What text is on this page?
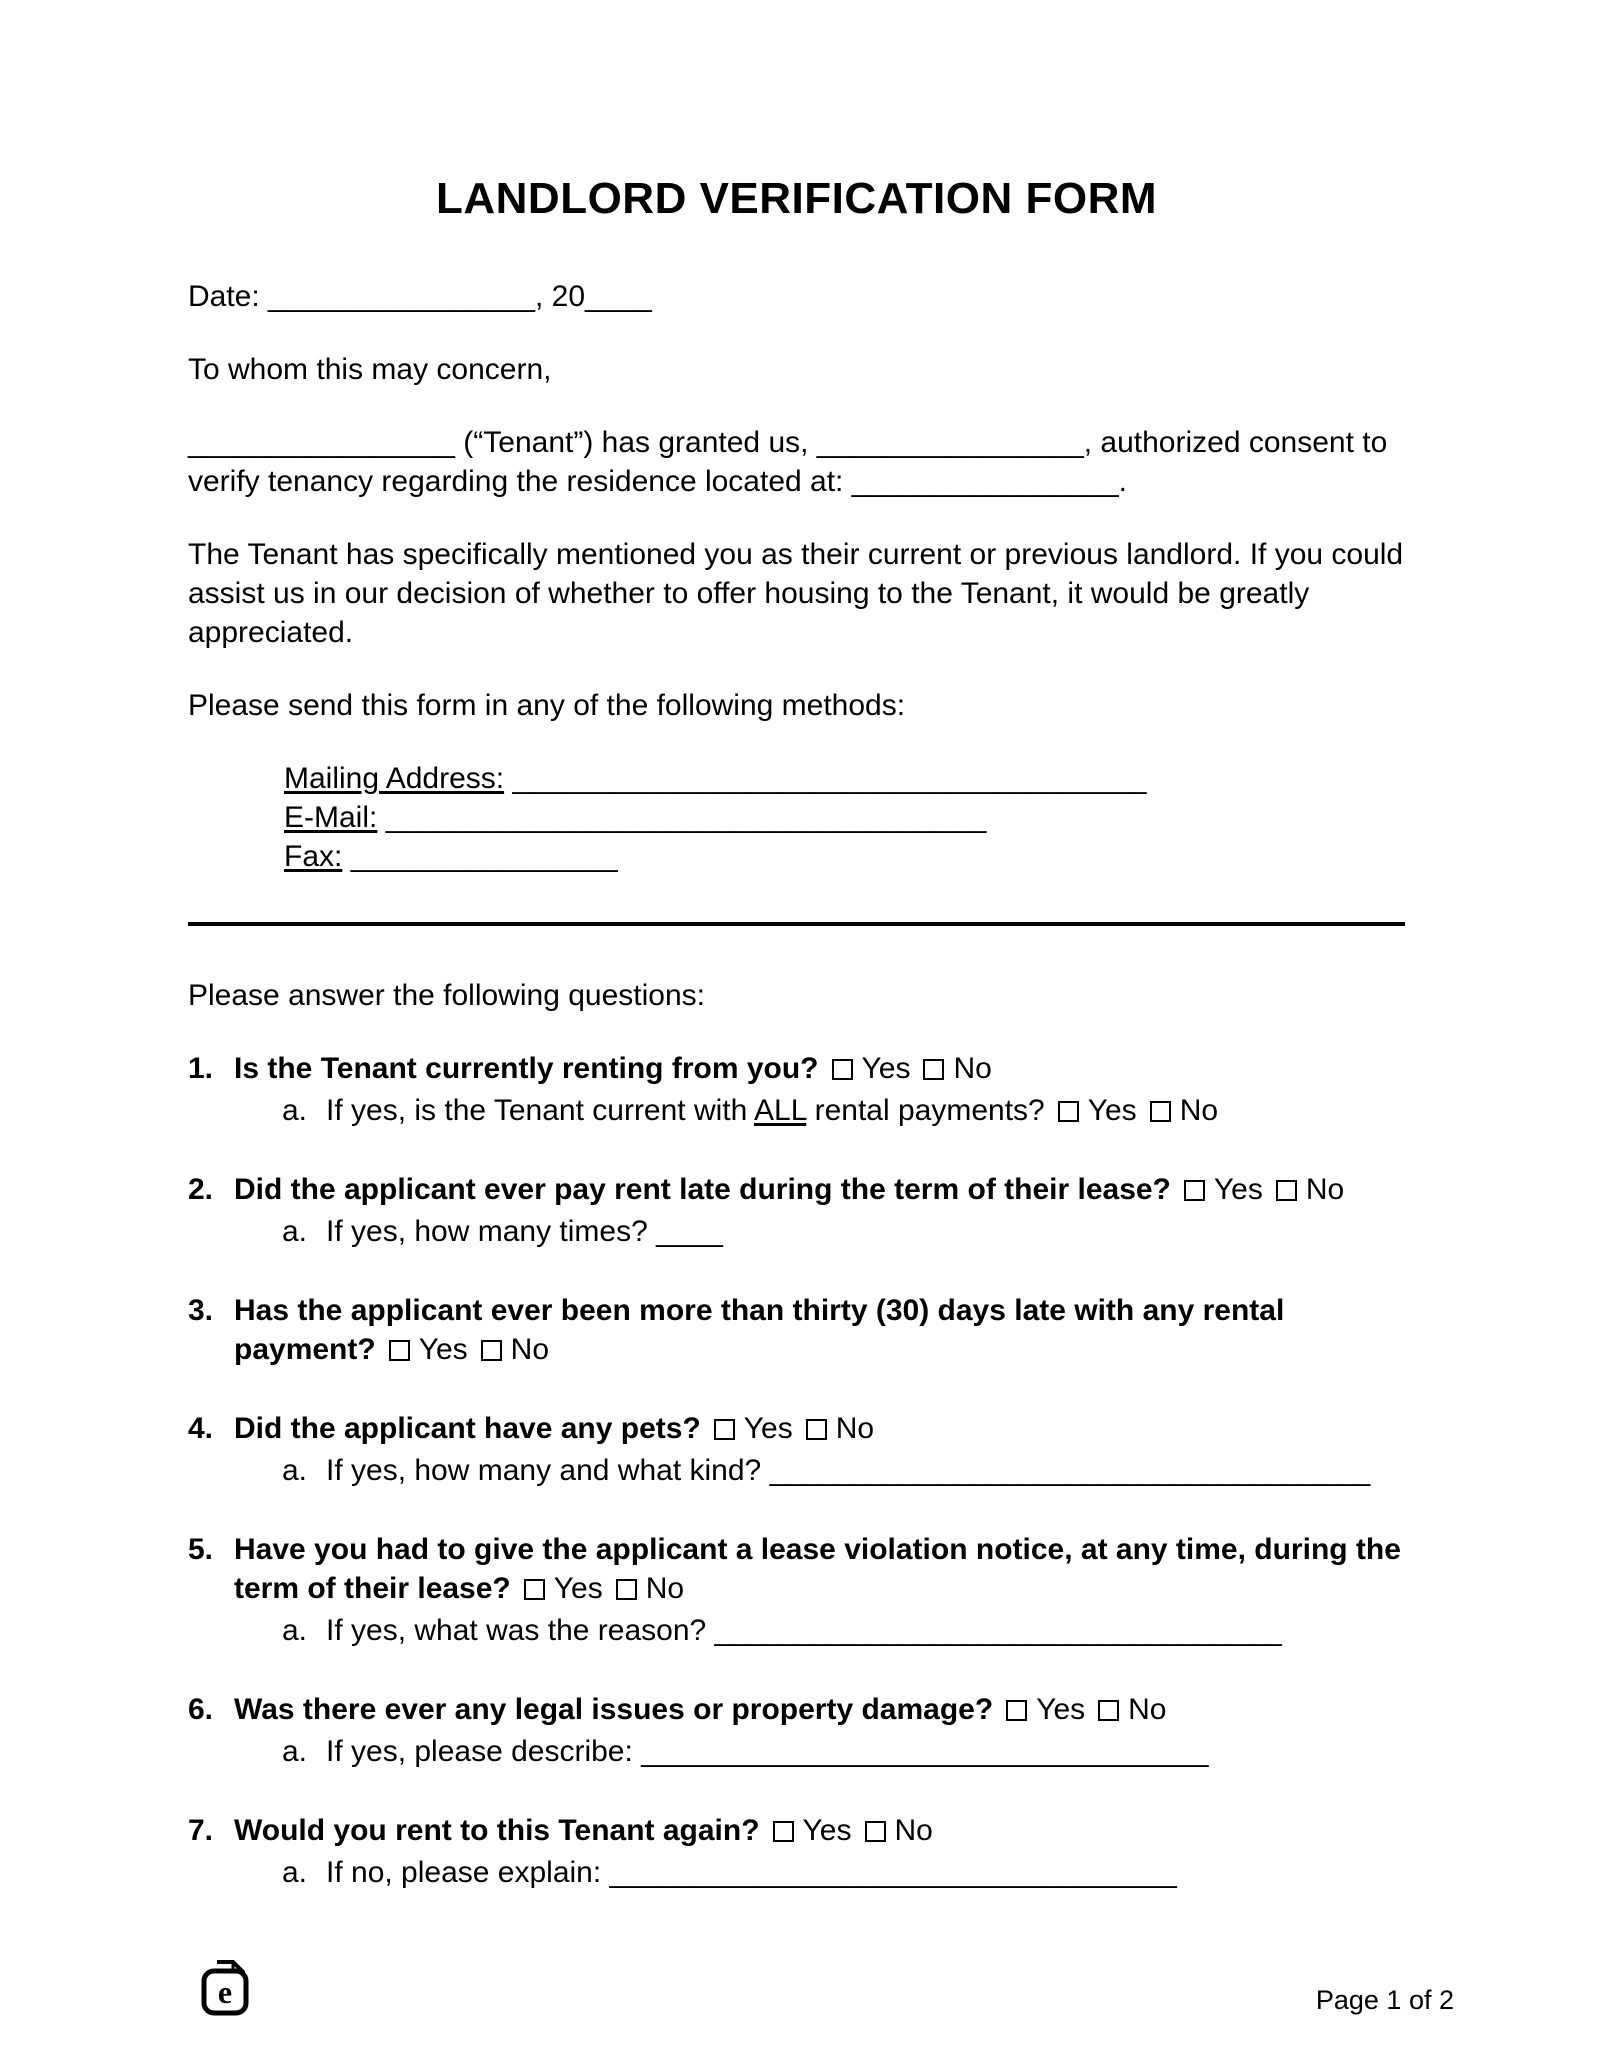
LANDLORD VERIFICATION FORM

Date: ________________, 20____

To whom this may concern,

________________ (“Tenant”) has granted us, ________________, authorized consent to verify tenancy regarding the residence located at: ________________.

The Tenant has specifically mentioned you as their current or previous landlord. If you could assist us in our decision of whether to offer housing to the Tenant, it would be greatly appreciated.

Please send this form in any of the following methods:

Mailing Address: ______________________________________
E-Mail: ____________________________________
Fax: ________________

Please answer the following questions:

1. Is the Tenant currently renting from you? Yes No
a. If yes, is the Tenant current with ALL rental payments? Yes No
2. Did the applicant ever pay rent late during the term of their lease? Yes No
a. If yes, how many times? ____
3. Has the applicant ever been more than thirty (30) days late with any rental payment? Yes No
4. Did the applicant have any pets? Yes No
a. If yes, how many and what kind? ____________________________________
5. Have you had to give the applicant a lease violation notice, at any time, during the term of their lease? Yes No
a. If yes, what was the reason? __________________________________
6. Was there ever any legal issues or property damage? Yes No
a. If yes, please describe: __________________________________
7. Would you rent to this Tenant again? Yes No
a. If no, please explain: __________________________________
e	Page 1 of 2
